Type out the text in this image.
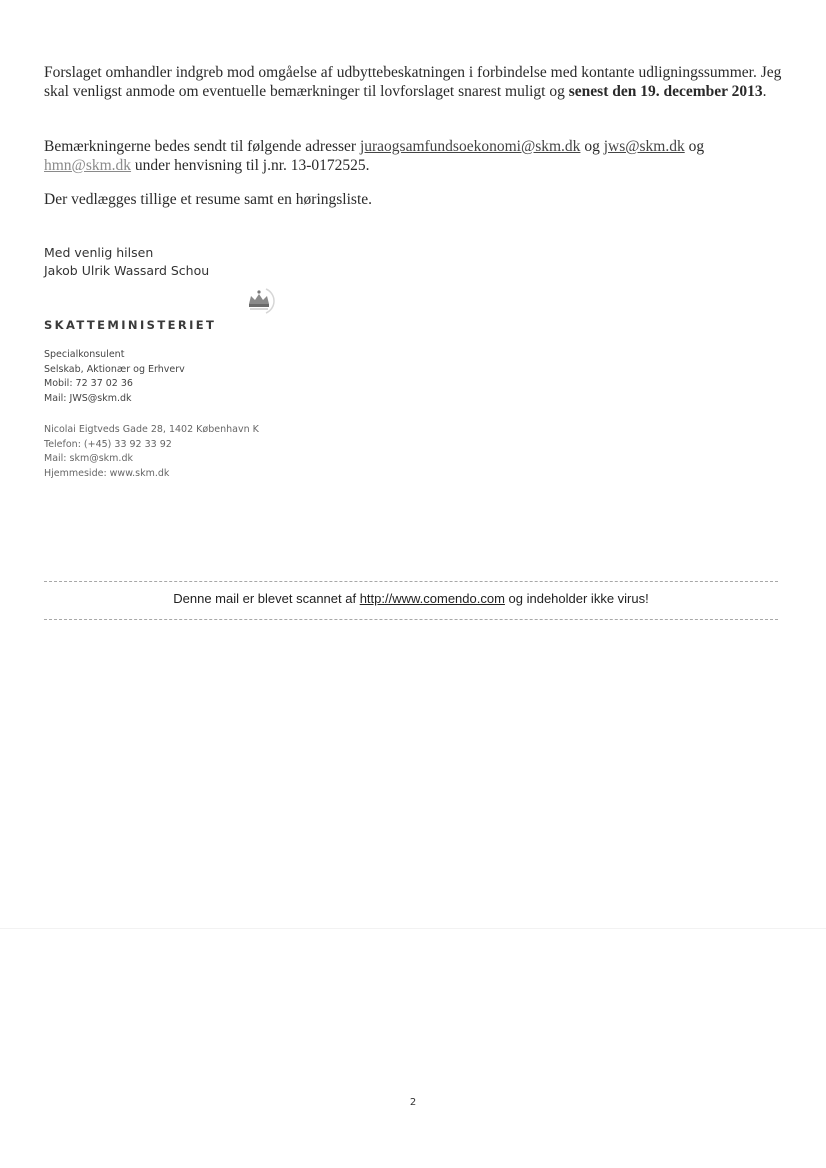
Forslaget omhandler indgreb mod omgåelse af udbyttebeskatningen i forbindelse med kontante udligningssummer. Jeg skal venligst anmode om eventuelle bemærkninger til lovforslaget snarest muligt og senest den 19. december 2013.
Bemærkningerne bedes sendt til følgende adresser juraogsamfundsoekonomi@skm.dk og jws@skm.dk og hmn@skm.dk under henvisning til j.nr. 13-0172525.
Der vedlægges tillige et resume samt en høringsliste.
Med venlig hilsen
Jakob Ulrik Wassard Schou
SKATTEMINISTERIET
Specialkonsulent
Selskab, Aktionær og Erhverv
Mobil: 72 37 02 36
Mail: JWS@skm.dk
Nicolai Eigtveds Gade 28, 1402 København K
Telefon: (+45) 33 92 33 92
Mail: skm@skm.dk
Hjemmeside: www.skm.dk
Denne mail er blevet scannet af http://www.comendo.com og indeholder ikke virus!
2
